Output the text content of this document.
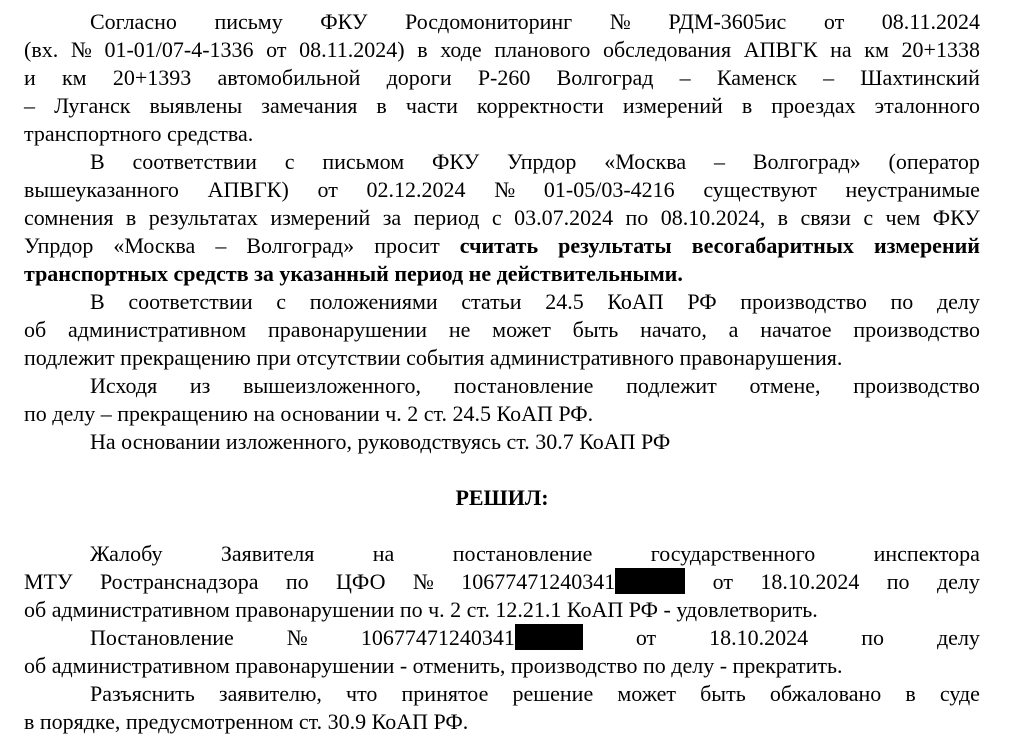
Согласно письму ФКУ Росдомониторинг № РДМ-3605ис от 08.11.2024
(вх. № 01-01/07-4-1336 от 08.11.2024) в ходе планового обследования АПВГК на км 20+1338
и км 20+1393 автомобильной дороги Р-260 Волгоград – Каменск – Шахтинский
– Луганск выявлены замечания в части корректности измерений в проездах эталонного
транспортного средства.
В соответствии с письмом ФКУ Упрдор «Москва – Волгоград» (оператор
вышеуказанного АПВГК) от 02.12.2024 № 01-05/03-4216 существуют неустранимые
сомнения в результатах измерений за период с 03.07.2024 по 08.10.2024, в связи с чем ФКУ
Упрдор «Москва – Волгоград» просит считать результаты весогабаритных измерений
транспортных средств за указанный период не действительными.
В соответствии с положениями статьи 24.5 КоАП РФ производство по делу
об административном правонарушении не может быть начато, а начатое производство
подлежит прекращению при отсутствии события административного правонарушения.
Исходя из вышеизложенного, постановление подлежит отмене, производство
по делу – прекращению на основании ч. 2 ст. 24.5 КоАП РФ.
На основании изложенного, руководствуясь ст. 30.7 КоАП РФ
РЕШИЛ:
Жалобу	Заявителя	на	постановление	государственного	инспектора
МТУ Ространснадзора по ЦФО № 10677471240341	от 18.10.2024 по делу
об административном правонарушении по ч. 2 ст. 12.21.1 КоАП РФ - удовлетворить.
Постановление № 10677471240341	от 18.10.2024 по делу
об административном правонарушении - отменить, производство по делу - прекратить.
Разъяснить заявителю, что принятое решение может быть обжаловано в суде
в порядке, предусмотренном ст. 30.9 КоАП РФ.
